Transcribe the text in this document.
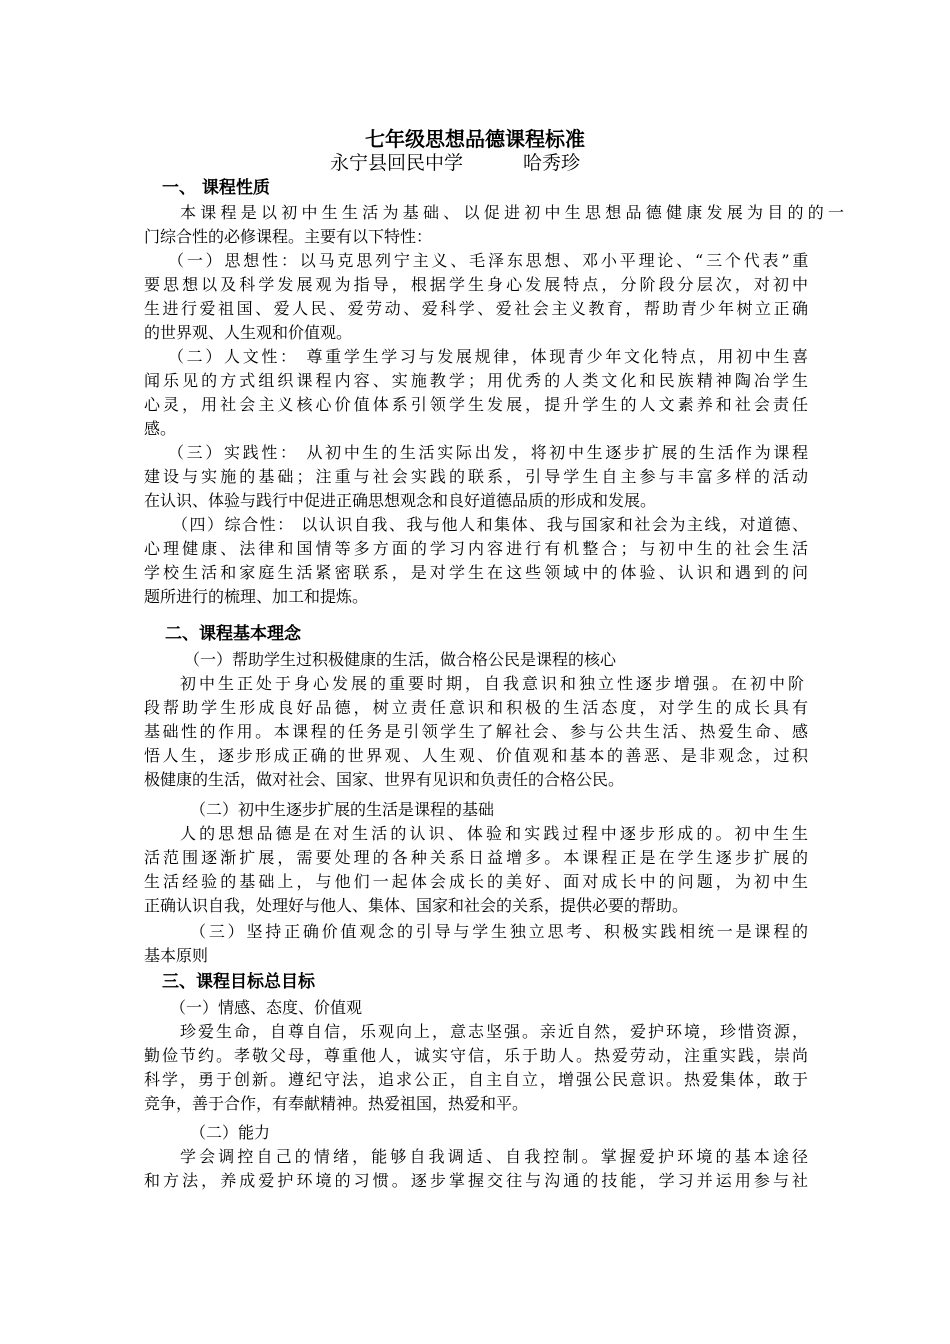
七年级思想品德课程标准
永宁县回民中学	哈秀珍
一、 课程性质
本课程是以初中生生活为基础、以促进初中生思想品德健康发展为目的的一
门综合性的必修课程。主要有以下特性：
（一）思想性：以马克思列宁主义、毛泽东思想、邓小平理论、“三个代表”重
要思想以及科学发展观为指导，根据学生身心发展特点，分阶段分层次，对初中
生进行爱祖国、爱人民、爱劳动、爱科学、爱社会主义教育，帮助青少年树立正确
的世界观、人生观和价值观。
（二）人文性： 尊重学生学习与发展规律，体现青少年文化特点，用初中生喜
闻乐见的方式组织课程内容、实施教学；用优秀的人类文化和民族精神陶冶学生
心灵，用社会主义核心价值体系引领学生发展，提升学生的人文素养和社会责任
感。
（三）实践性： 从初中生的生活实际出发，将初中生逐步扩展的生活作为课程
建设与实施的基础；注重与社会实践的联系，引导学生自主参与丰富多样的活动
在认识、体验与践行中促进正确思想观念和良好道德品质的形成和发展。
（四）综合性： 以认识自我、我与他人和集体、我与国家和社会为主线，对道德、
心理健康、法律和国情等多方面的学习内容进行有机整合；与初中生的社会生活
学校生活和家庭生活紧密联系，是对学生在这些领域中的体验、认识和遇到的问
题所进行的梳理、加工和提炼。
二、课程基本理念
（一）帮助学生过积极健康的生活，做合格公民是课程的核心
初中生正处于身心发展的重要时期，自我意识和独立性逐步增强。在初中阶
段帮助学生形成良好品德，树立责任意识和积极的生活态度，对学生的成长具有
基础性的作用。本课程的任务是引领学生了解社会、参与公共生活、热爱生命、感
悟人生，逐步形成正确的世界观、人生观、价值观和基本的善恶、是非观念，过积
极健康的生活，做对社会、国家、世界有见识和负责任的合格公民。
（二）初中生逐步扩展的生活是课程的基础
人的思想品德是在对生活的认识、体验和实践过程中逐步形成的。初中生生
活范围逐渐扩展，需要处理的各种关系日益增多。本课程正是在学生逐步扩展的
生活经验的基础上，与他们一起体会成长的美好、面对成长中的问题，为初中生
正确认识自我，处理好与他人、集体、国家和社会的关系，提供必要的帮助。
（三）坚持正确价值观念的引导与学生独立思考、积极实践相统一是课程的
基本原则
三、课程目标总目标
（一）情感、态度、价值观
珍爱生命，自尊自信，乐观向上，意志坚强。亲近自然，爱护环境，珍惜资源，
勤俭节约。孝敬父母，尊重他人，诚实守信，乐于助人。热爱劳动，注重实践，崇尚
科学，勇于创新。遵纪守法，追求公正，自主自立，增强公民意识。热爱集体，敢于
竞争，善于合作，有奉献精神。热爱祖国，热爱和平。
（二）能力
学会调控自己的情绪，能够自我调适、自我控制。掌握爱护环境的基本途径
和方法，养成爱护环境的习惯。逐步掌握交往与沟通的技能，学习并运用参与社
